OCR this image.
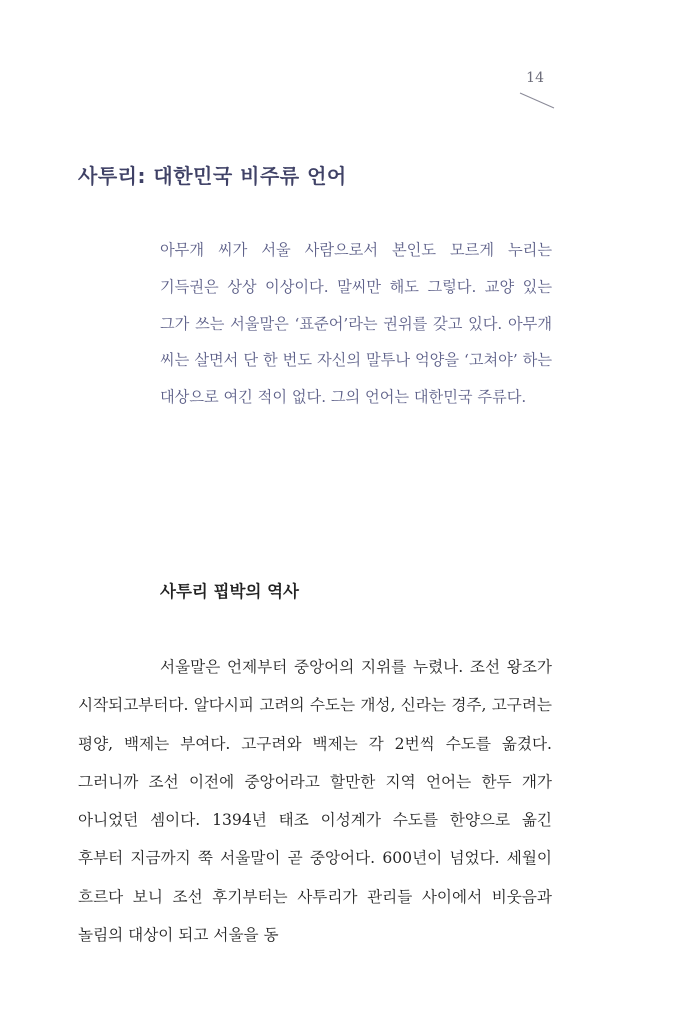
14
사투리: 대한민국 비주류 언어

아무개 씨가 서울 사람으로서 본인도 모르게 누리는 기득권은 상상 이상이다. 말씨만 해도 그렇다. 교양 있는 그가 쓰는 서울말은 ‘표준어’라는 권위를 갖고 있다. 아무개 씨는 살면서 단 한 번도 자신의 말투나 억양을 ‘고쳐야’ 하는 대상으로 여긴 적이 없다. 그의 언어는 대한민국 주류다.

사투리 핍박의 역사

서울말은 언제부터 중앙어의 지위를 누렸나. 조선 왕조가 시작되고부터다. 알다시피 고려의 수도는 개성, 신라는 경주, 고구려는 평양, 백제는 부여다. 고구려와 백제는 각 2번씩 수도를 옮겼다. 그러니까 조선 이전에 중앙어라고 할만한 지역 언어는 한두 개가 아니었던 셈이다. 1394년 태조 이성계가 수도를 한양으로 옮긴 후부터 지금까지 쭉 서울말이 곧 중앙어다. 600년이 넘었다. 세월이 흐르다 보니 조선 후기부터는 사투리가 관리들 사이에서 비웃음과 놀림의 대상이 되고 서울을 동
